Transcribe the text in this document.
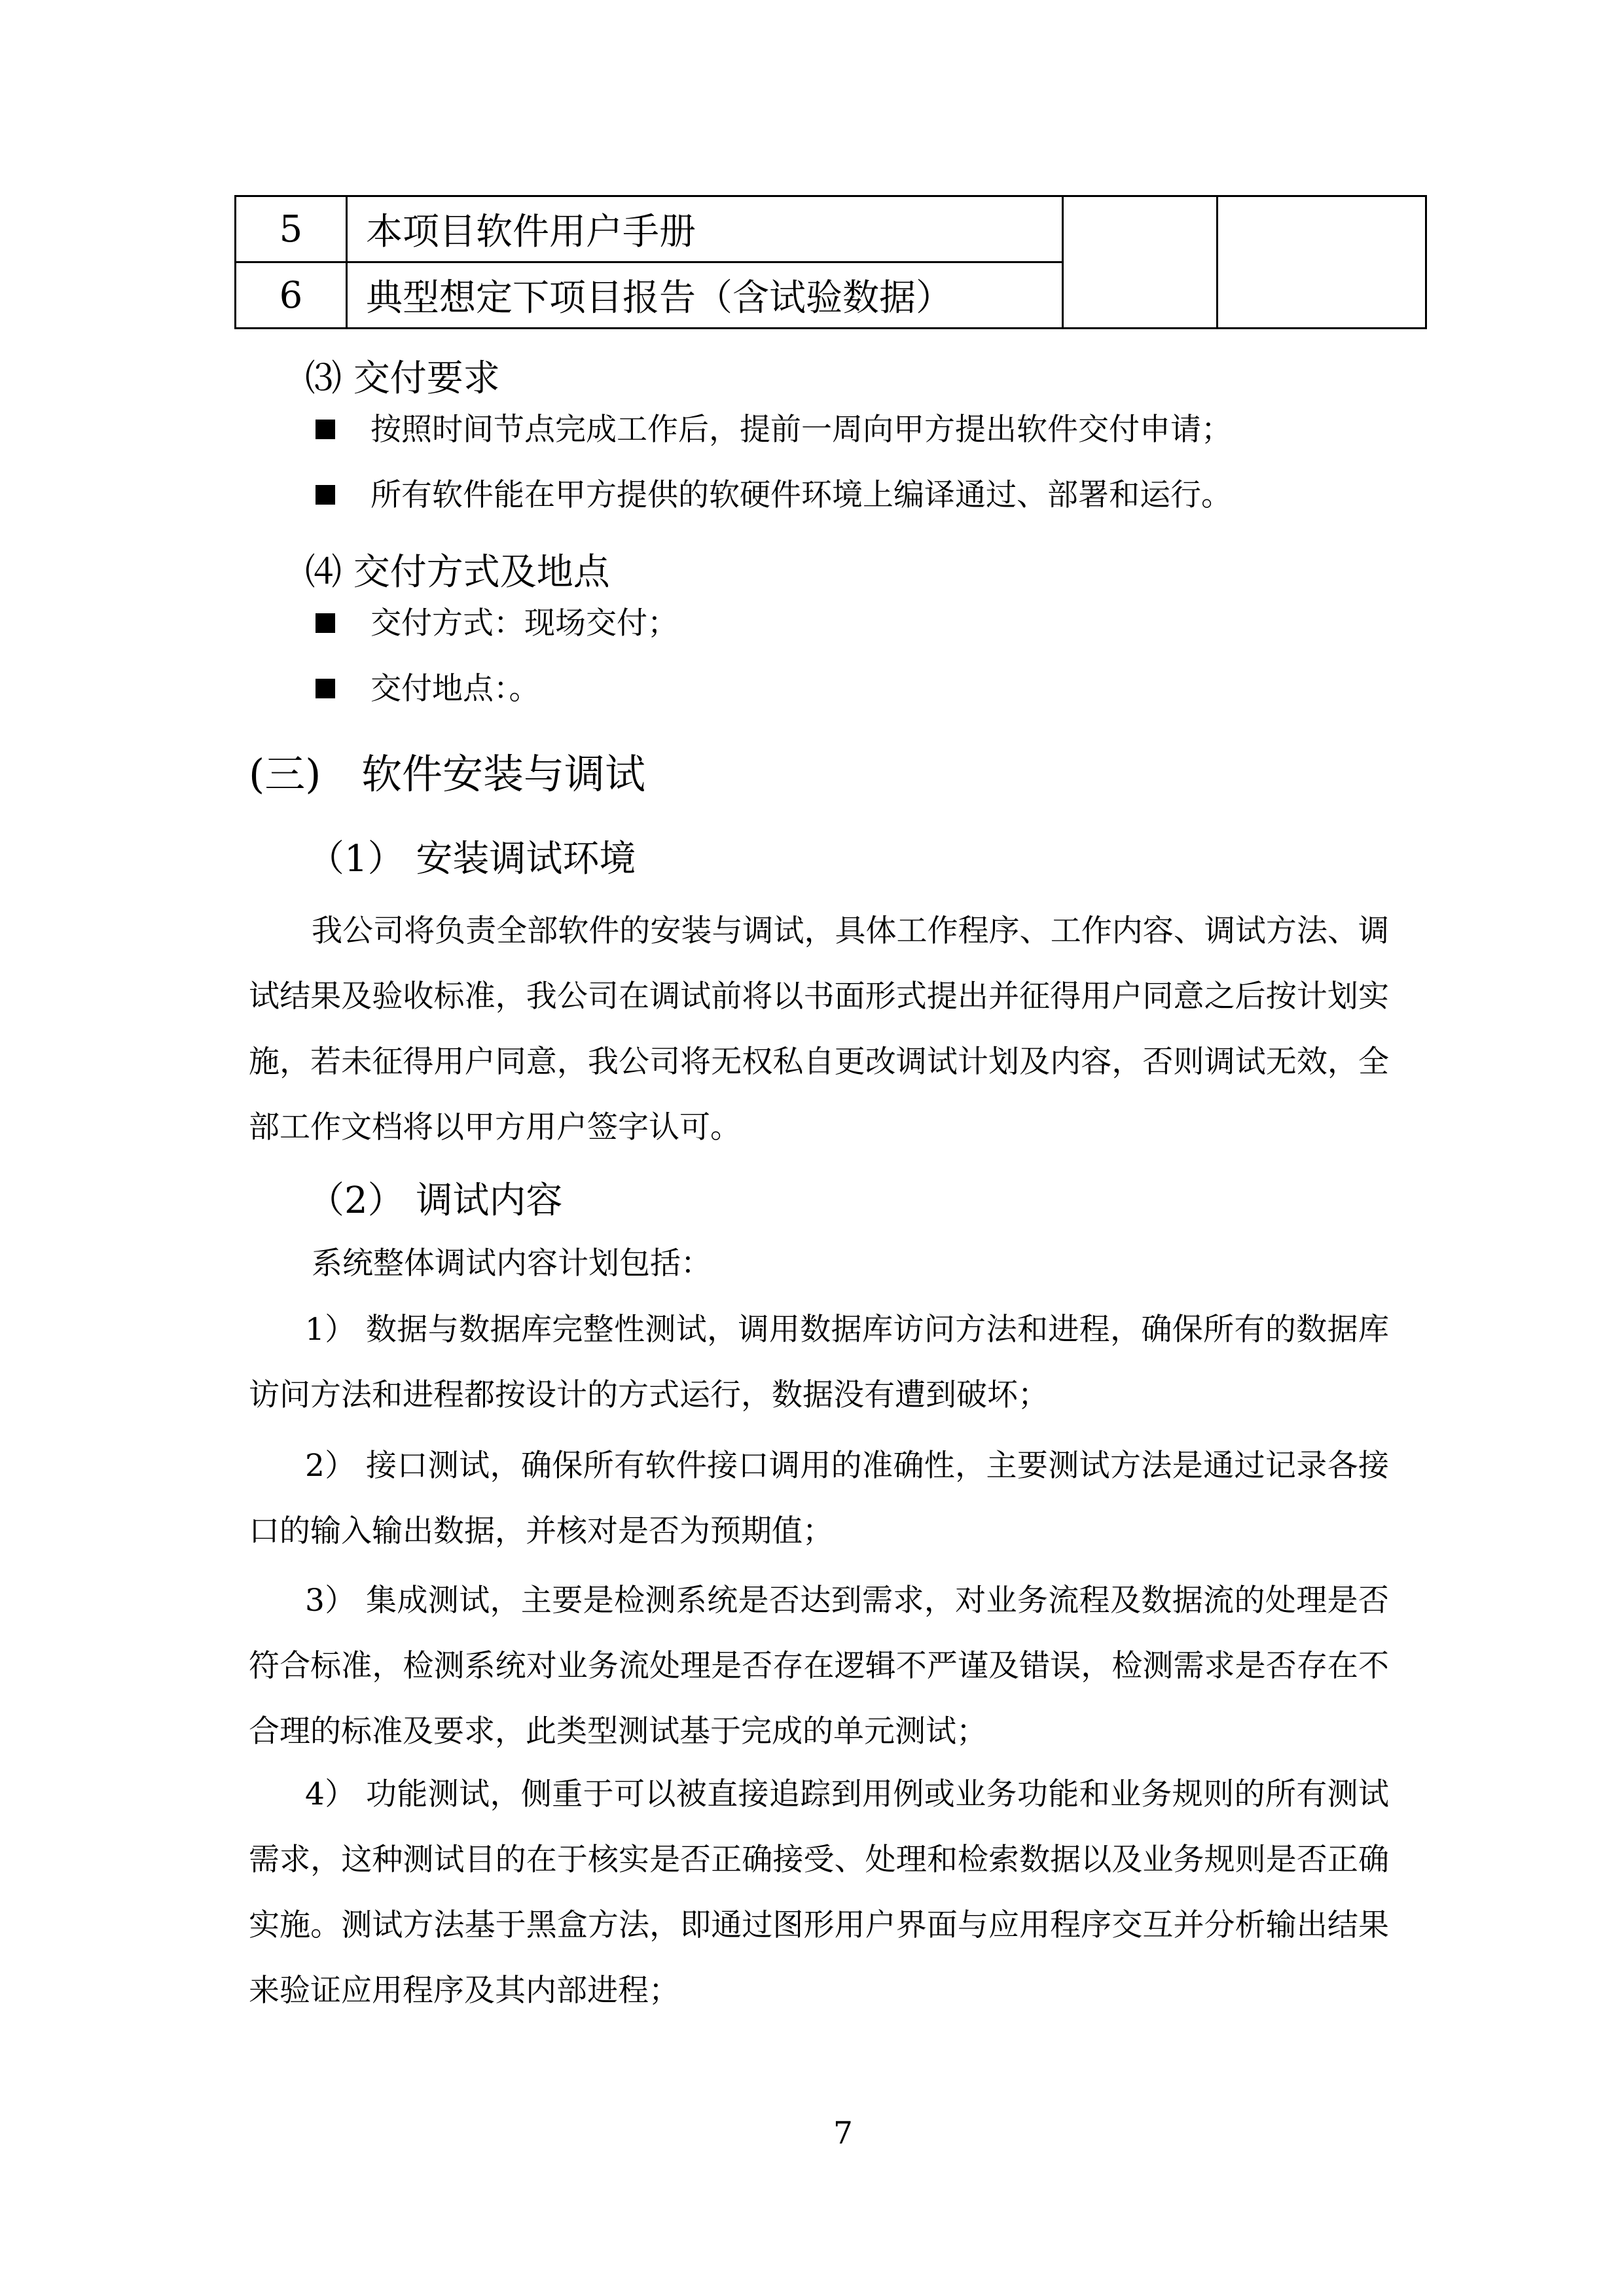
5	本项目软件用户手册		
6	典型想定下项目报告（含试验数据）		
⑶ 交付要求
按照时间节点完成工作后，提前一周向甲方提出软件交付申请；
所有软件能在甲方提供的软硬件环境上编译通过、部署和运行。
⑷ 交付方式及地点
交付方式：现场交付；
交付地点：。
(三) 软件安装与调试
（1） 安装调试环境
我公司将负责全部软件的安装与调试，具体工作程序、工作内容、调试方法、调试结果及验收标准，我公司在调试前将以书面形式提出并征得用户同意之后按计划实施，若未征得用户同意，我公司将无权私自更改调试计划及内容，否则调试无效，全部工作文档将以甲方用户签字认可。
（2） 调试内容
系统整体调试内容计划包括：
1） 数据与数据库完整性测试，调用数据库访问方法和进程，确保所有的数据库访问方法和进程都按设计的方式运行，数据没有遭到破坏；
2） 接口测试，确保所有软件接口调用的准确性，主要测试方法是通过记录各接口的输入输出数据，并核对是否为预期值；
3） 集成测试，主要是检测系统是否达到需求，对业务流程及数据流的处理是否符合标准，检测系统对业务流处理是否存在逻辑不严谨及错误，检测需求是否存在不合理的标准及要求，此类型测试基于完成的单元测试；
4） 功能测试，侧重于可以被直接追踪到用例或业务功能和业务规则的所有测试需求，这种测试目的在于核实是否正确接受、处理和检索数据以及业务规则是否正确实施。测试方法基于黑盒方法，即通过图形用户界面与应用程序交互并分析输出结果来验证应用程序及其内部进程；
7
